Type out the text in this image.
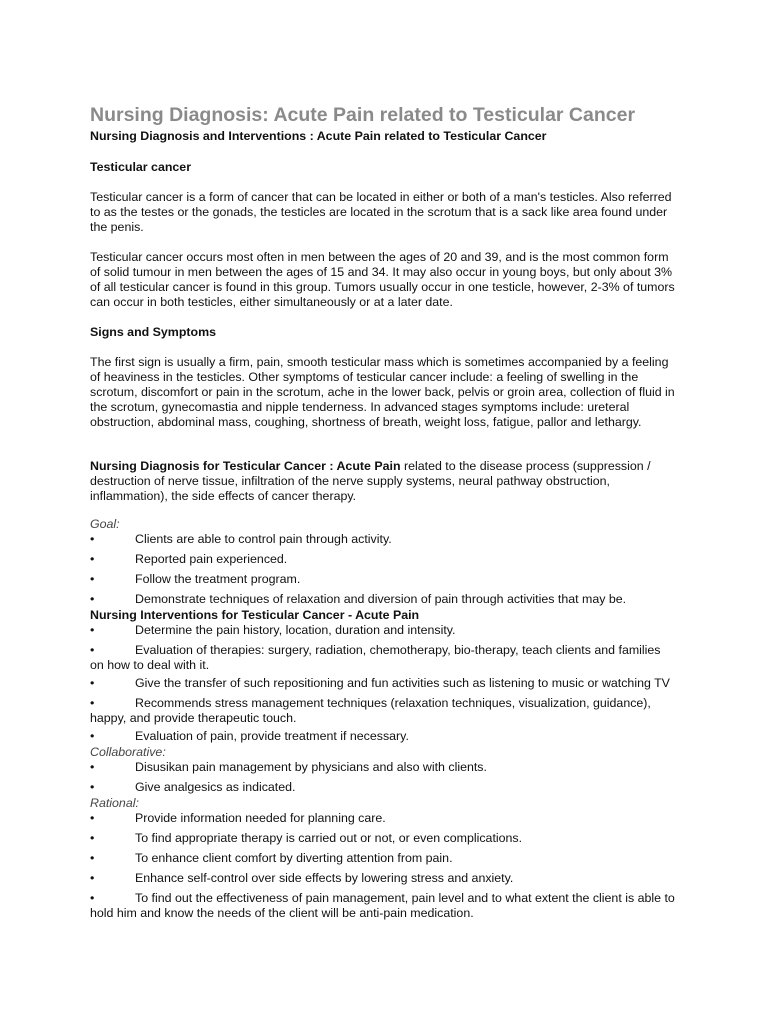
Nursing Diagnosis: Acute Pain related to Testicular Cancer
Nursing Diagnosis and Interventions : Acute Pain related to Testicular Cancer
Testicular cancer

Testicular cancer is a form of cancer that can be located in either or both of a man's testicles. Also referred to as the testes or the gonads, the testicles are located in the scrotum that is a sack like area found under the penis.

Testicular cancer occurs most often in men between the ages of 20 and 39, and is the most common form of solid tumour in men between the ages of 15 and 34. It may also occur in young boys, but only about 3% of all testicular cancer is found in this group. Tumors usually occur in one testicle, however, 2-3% of tumors can occur in both testicles, either simultaneously or at a later date.

Signs and Symptoms

The first sign is usually a firm, pain, smooth testicular mass which is sometimes accompanied by a feeling of heaviness in the testicles. Other symptoms of testicular cancer include: a feeling of swelling in the scrotum, discomfort or pain in the scrotum, ache in the lower back, pelvis or groin area, collection of fluid in the scrotum, gynecomastia and nipple tenderness. In advanced stages symptoms include: ureteral obstruction, abdominal mass, coughing, shortness of breath, weight loss, fatigue, pallor and lethargy.

Nursing Diagnosis for Testicular Cancer : Acute Pain related to the disease process (suppression / destruction of nerve tissue, infiltration of the nerve supply systems, neural pathway obstruction, inflammation), the side effects of cancer therapy.

Goal:
•	Clients are able to control pain through activity.
•	Reported pain experienced.
•	Follow the treatment program.
•	Demonstrate techniques of relaxation and diversion of pain through activities that may be.
Nursing Interventions for Testicular Cancer - Acute Pain
•	Determine the pain history, location, duration and intensity.
•	Evaluation of therapies: surgery, radiation, chemotherapy, bio-therapy, teach clients and families on how to deal with it.
•	Give the transfer of such repositioning and fun activities such as listening to music or watching TV
•	Recommends stress management techniques (relaxation techniques, visualization, guidance), happy, and provide therapeutic touch.
•	Evaluation of pain, provide treatment if necessary.
Collaborative:
•	Disusikan pain management by physicians and also with clients.
•	Give analgesics as indicated.
Rational:
•	Provide information needed for planning care.
•	To find appropriate therapy is carried out or not, or even complications.
•	To enhance client comfort by diverting attention from pain.
•	Enhance self-control over side effects by lowering stress and anxiety.
•	To find out the effectiveness of pain management, pain level and to what extent the client is able to hold him and know the needs of the client will be anti-pain medication.
